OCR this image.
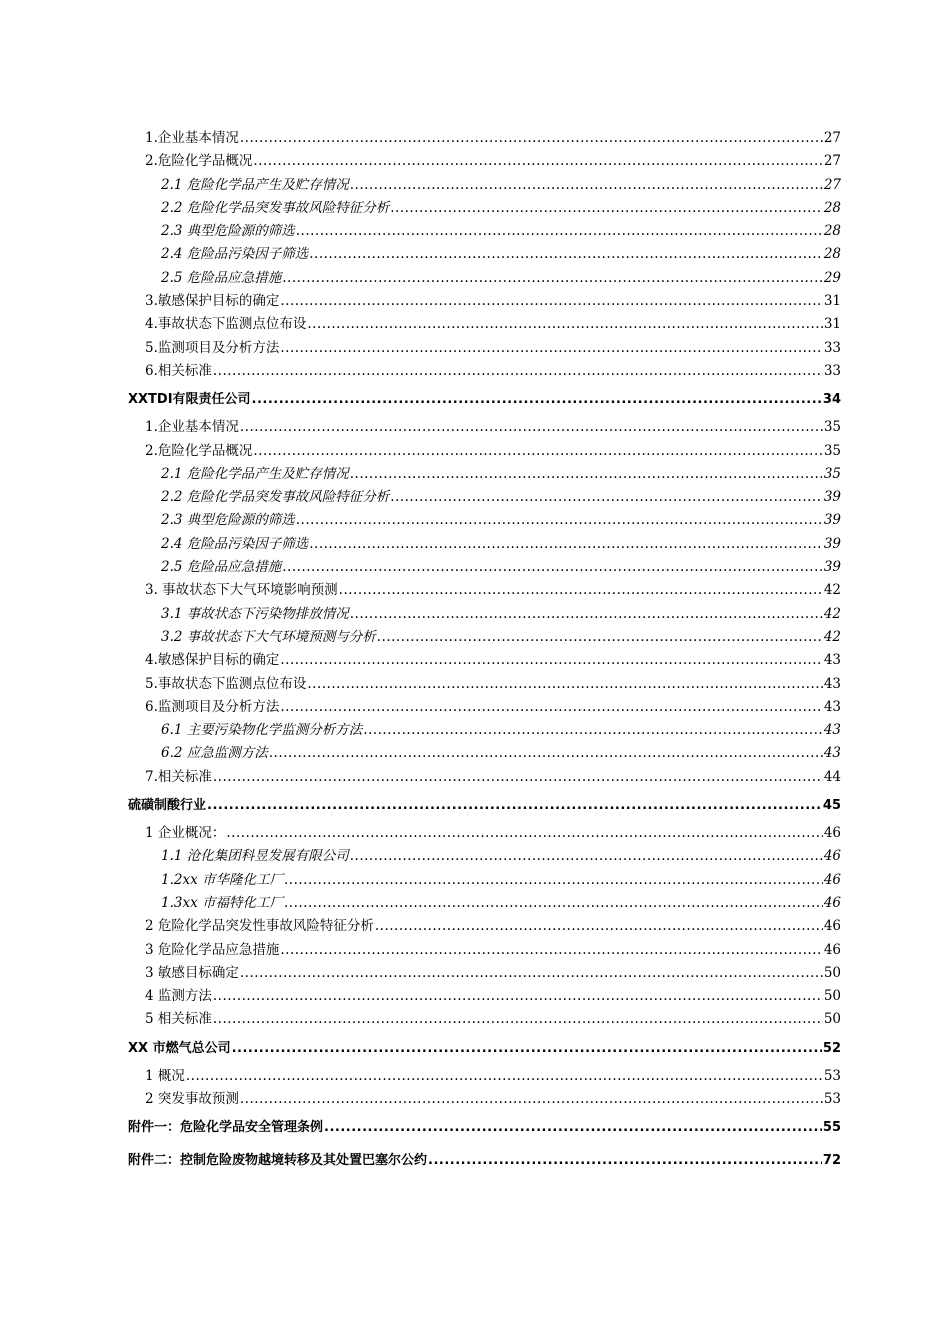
1.企业基本情况 .....	27
2.危险化学品概况 .....	27
2.1 危险化学品产生及贮存情况 .....	27
2.2 危险化学品突发事故风险特征分析 .....	28
2.3 典型危险源的筛选 .....	28
2.4 危险品污染因子筛选 .....	28
2.5 危险品应急措施 .....	29
3.敏感保护目标的确定 .....	31
4.事故状态下监测点位布设 .....	31
5.监测项目及分析方法 .....	33
6.相关标准 .....	33
XXTDI有限责任公司 .....	34
1.企业基本情况 .....	35
2.危险化学品概况 .....	35
2.1 危险化学品产生及贮存情况 .....	35
2.2 危险化学品突发事故风险特征分析 .....	39
2.3 典型危险源的筛选 .....	39
2.4 危险品污染因子筛选 .....	39
2.5 危险品应急措施 .....	39
3. 事故状态下大气环境影响预测 .....	42
3.1 事故状态下污染物排放情况 .....	42
3.2 事故状态下大气环境预测与分析 .....	42
4.敏感保护目标的确定 .....	43
5.事故状态下监测点位布设 .....	43
6.监测项目及分析方法 .....	43
6.1 主要污染物化学监测分析方法 .....	43
6.2 应急监测方法 .....	43
7.相关标准 .....	44
硫磺制酸行业 .....	45
1 企业概况： .....	46
1.1 沧化集团科昱发展有限公司 .....	46
1.2xx 市华隆化工厂 .....	46
1.3xx 市福特化工厂 .....	46
2 危险化学品突发性事故风险特征分析 .....	46
3 危险化学品应急措施 .....	46
3 敏感目标确定 .....	50
4 监测方法 .....	50
5 相关标准 .....	50
XX 市燃气总公司 .....	52
1 概况 .....	53
2 突发事故预测 .....	53
附件一：危险化学品安全管理条例 .....	55
附件二：控制危险废物越境转移及其处置巴塞尔公约 .....	72
